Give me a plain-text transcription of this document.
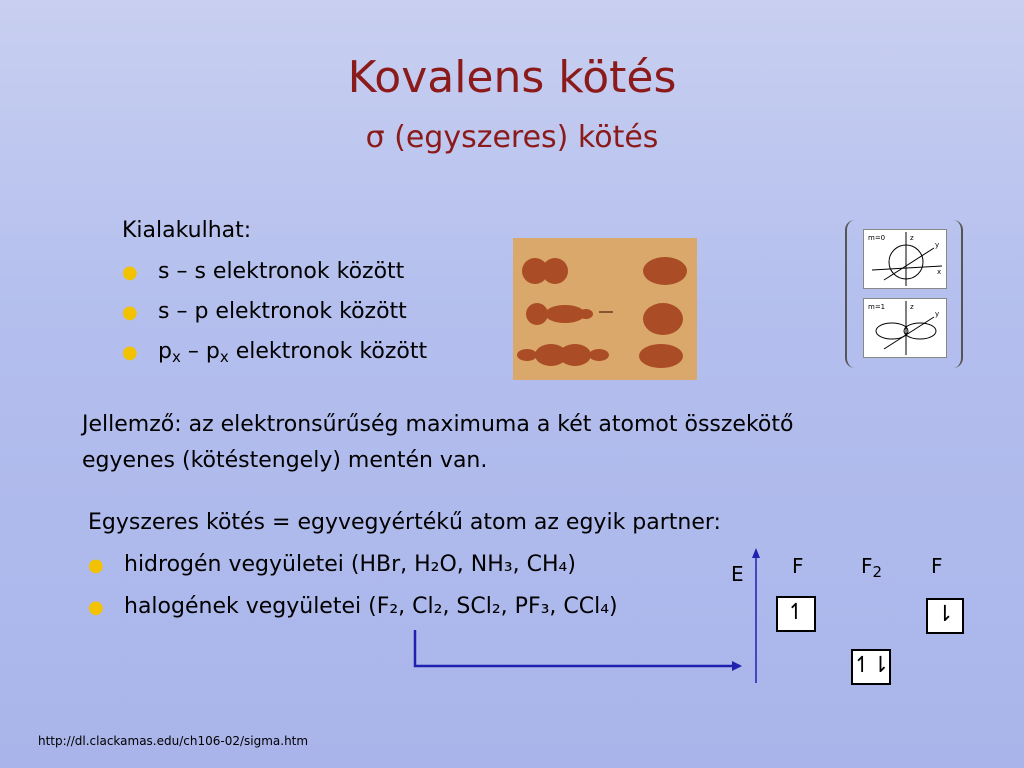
Kovalens kötés
σ (egyszeres) kötés
Kialakulhat:
● s – s elektronok között
● s – p elektronok között
● $p_x - p_x$ elektronok között
m=0	z
y
x
m=1	z
y
Jellemző: az elektronsűrűség maximuma a két atomot összekötő
egyenes (kötéstengely) mentén van.
Egyszeres kötés = egyvegyértékű atom az egyik partner:
● hidrogén vegyületei (HBr, H₂O, NH₃, CH₄)
● halogének vegyületei (F₂, Cl₂, SCl₂, PF₃, CCl₄)
E F	$F_2$ F
↿
↿⇂
⇂
http://dl.clackamas.edu/ch106-02/sigma.htm
